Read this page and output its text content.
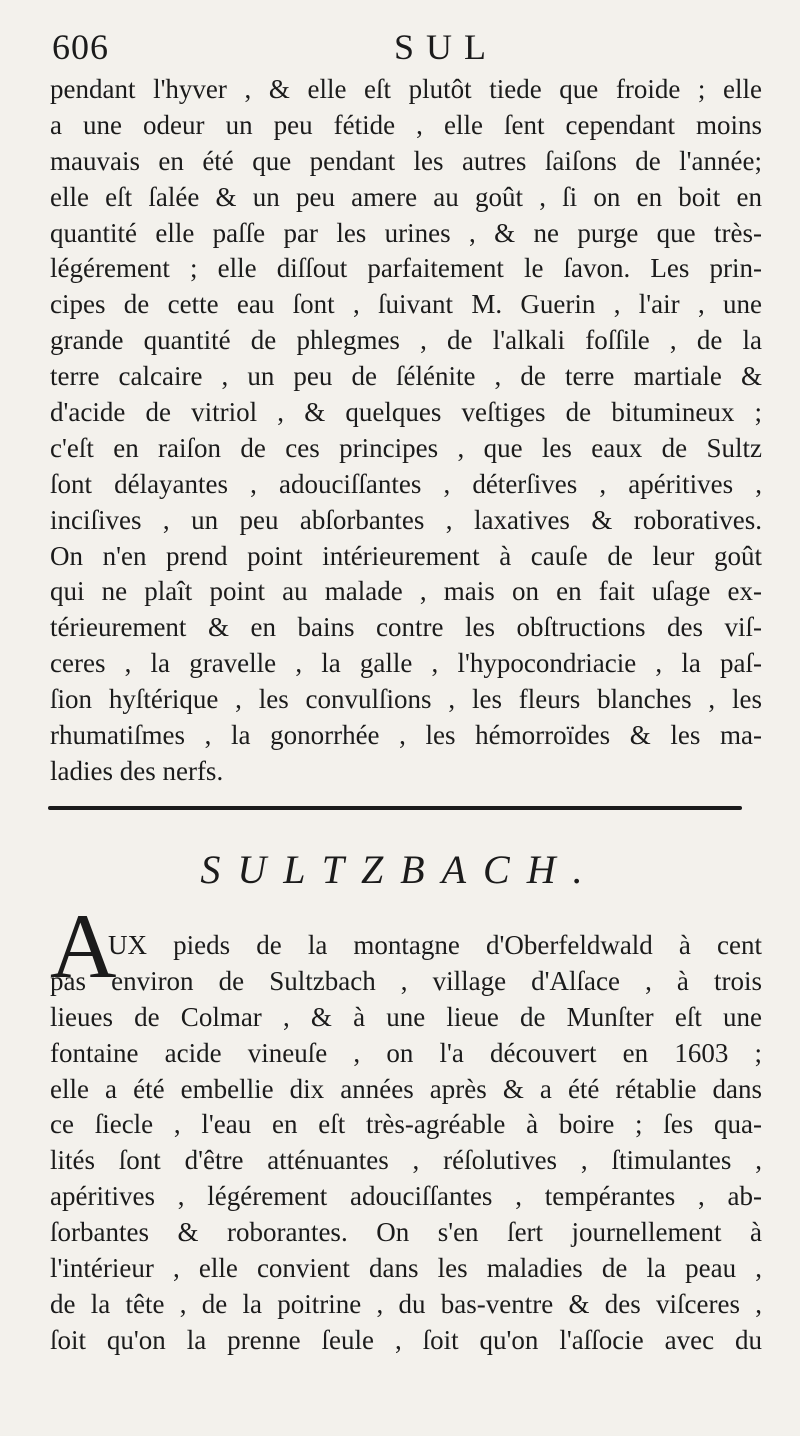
606	SUL
pendant l'hyver , & elle eſt plutôt tiede que froide ; elle
a une odeur un peu fétide , elle ſent cependant moins
mauvais en été que pendant les autres ſaiſons de l'année;
elle eſt ſalée & un peu amere au goût , ſi on en boit en
quantité elle paſſe par les urines , & ne purge que très-
légérement ; elle diſſout parfaitement le ſavon. Les prin-
cipes de cette eau ſont , ſuivant M. Guerin , l'air , une
grande quantité de phlegmes , de l'alkali foſſile , de la
terre calcaire , un peu de ſélénite , de terre martiale &
d'acide de vitriol , & quelques veſtiges de bitumineux ;
c'eſt en raiſon de ces principes , que les eaux de Sultz
ſont délayantes , adouciſſantes , déterſives , apéritives ,
inciſives , un peu abſorbantes , laxatives & roboratives.
On n'en prend point intérieurement à cauſe de leur goût
qui ne plaît point au malade , mais on en fait uſage ex-
térieurement & en bains contre les obſtructions des viſ-
ceres , la gravelle , la galle , l'hypocondriacie , la paſ-
ſion hyſtérique , les convulſions , les fleurs blanches , les
rhumatiſmes , la gonorrhée , les hémorroïdes & les ma-
ladies des nerfs.
SULTZBACH.
A
UX pieds de la montagne d'Oberfeldwald à cent
pas environ de Sultzbach , village d'Alſace , à trois
lieues de Colmar , & à une lieue de Munſter eſt une
fontaine acide vineuſe , on l'a découvert en 1603 ;
elle a été embellie dix années après & a été rétablie dans
ce ſiecle , l'eau en eſt très-agréable à boire ; ſes qua-
lités ſont d'être atténuantes , réſolutives , ſtimulantes ,
apéritives , légérement adouciſſantes , tempérantes , ab-
ſorbantes & roborantes. On s'en ſert journellement à
l'intérieur , elle convient dans les maladies de la peau ,
de la tête , de la poitrine , du bas-ventre & des viſceres ,
ſoit qu'on la prenne ſeule , ſoit qu'on l'aſſocie avec du
